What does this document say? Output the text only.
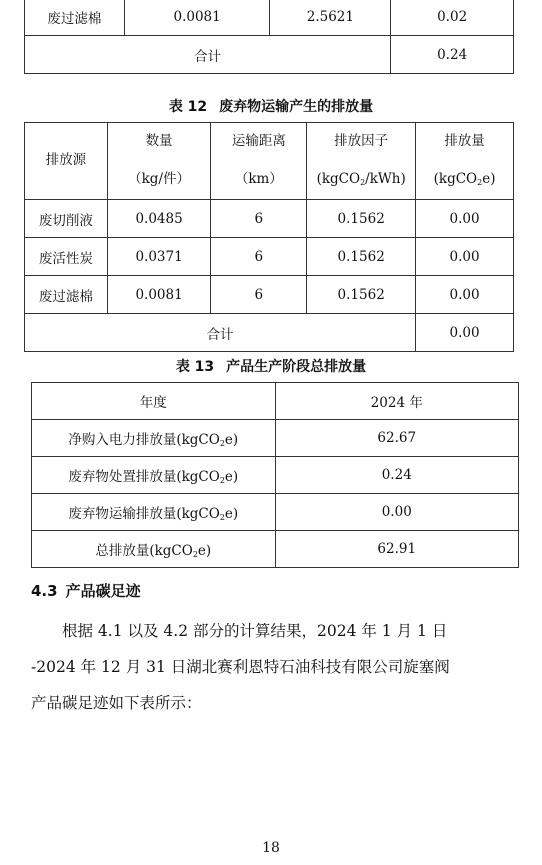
废过滤棉	0.0081	2.5621	0.02
合计			0.24
表 12 废弃物运输产生的排放量
排放源	数量	运输距离	排放因子	排放量
	（kg/件）	（km）	(kgCO$_2$/kWh)	(kgCO$_2$e)
废切削液	0.0485	6	0.1562	0.00
废活性炭	0.0371	6	0.1562	0.00
废过滤棉	0.0081	6	0.1562	0.00
合计				0.00
表 13 产品生产阶段总排放量
年度	2024 年
净购入电力排放量(kgCO$_2$e)	62.67
废弃物处置排放量(kgCO$_2$e)	0.24
废弃物运输排放量(kgCO$_2$e)	0.00
总排放量(kgCO$_2$e)	62.91
4.3 产品碳足迹

　　根据 4.1 以及 4.2 部分的计算结果，2024 年 1 月 1 日
-2024 年 12 月 31 日湖北赛利恩特石油科技有限公司旋塞阀
产品碳足迹如下表所示：

18
